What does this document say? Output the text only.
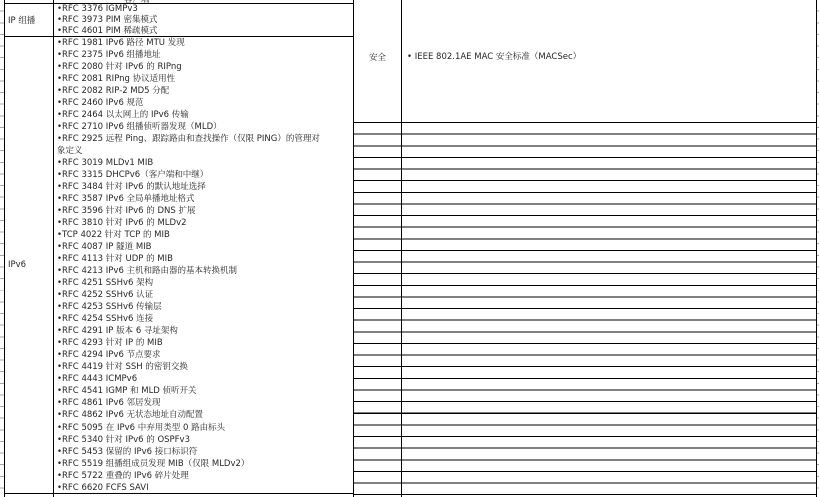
IP 组播
IPv6
•RFC 3376 IGMPv3
•RFC 3973 PIM 密集模式
•RFC 4601 PIM 稀疏模式
•RFC 1981 IPv6 路径 MTU 发现
•RFC 2375 IPv6 组播地址
•RFC 2080 针对 IPv6 的 RIPng
•RFC 2081 RIPng 协议适用性
•RFC 2082 RIP-2 MD5 分配
•RFC 2460 IPv6 规范
•RFC 2464 以太网上的 IPv6 传输
•RFC 2710 IPv6 组播侦听器发现（MLD）
•RFC 2925 远程 Ping、跟踪路由和查找操作（仅限 PING）的管理对
象定义
•RFC 3019 MLDv1 MIB
•RFC 3315 DHCPv6（客户端和中继）
•RFC 3484 针对 IPv6 的默认地址选择
•RFC 3587 IPv6 全局单播地址格式
•RFC 3596 针对 IPv6 的 DNS 扩展
•RFC 3810 针对 IPv6 的 MLDv2
•TCP 4022 针对 TCP 的 MIB
•RFC 4087 IP 隧道 MIB
•RFC 4113 针对 UDP 的 MIB
•RFC 4213 IPv6 主机和路由器的基本转换机制
•RFC 4251 SSHv6 架构
•RFC 4252 SSHv6 认证
•RFC 4253 SSHv6 传输层
•RFC 4254 SSHv6 连接
•RFC 4291 IP 版本 6 寻址架构
•RFC 4293 针对 IP 的 MIB
•RFC 4294 IPv6 节点要求
•RFC 4419 针对 SSH 的密钥交换
•RFC 4443 ICMPv6
•RFC 4541 IGMP 和 MLD 侦听开关
•RFC 4861 IPv6 邻居发现
•RFC 4862 IPv6 无状态地址自动配置
•RFC 5095 在 IPv6 中弃用类型 0 路由标头
•RFC 5340 针对 IPv6 的 OSPFv3
•RFC 5453 保留的 IPv6 接口标识符
•RFC 5519 组播组成员发现 MIB（仅限 MLDv2）
•RFC 5722 重叠的 IPv6 碎片处理
•RFC 6620 FCFS SAVI
安全 • IEEE 802.1AE MAC 安全标准（MACSec）
